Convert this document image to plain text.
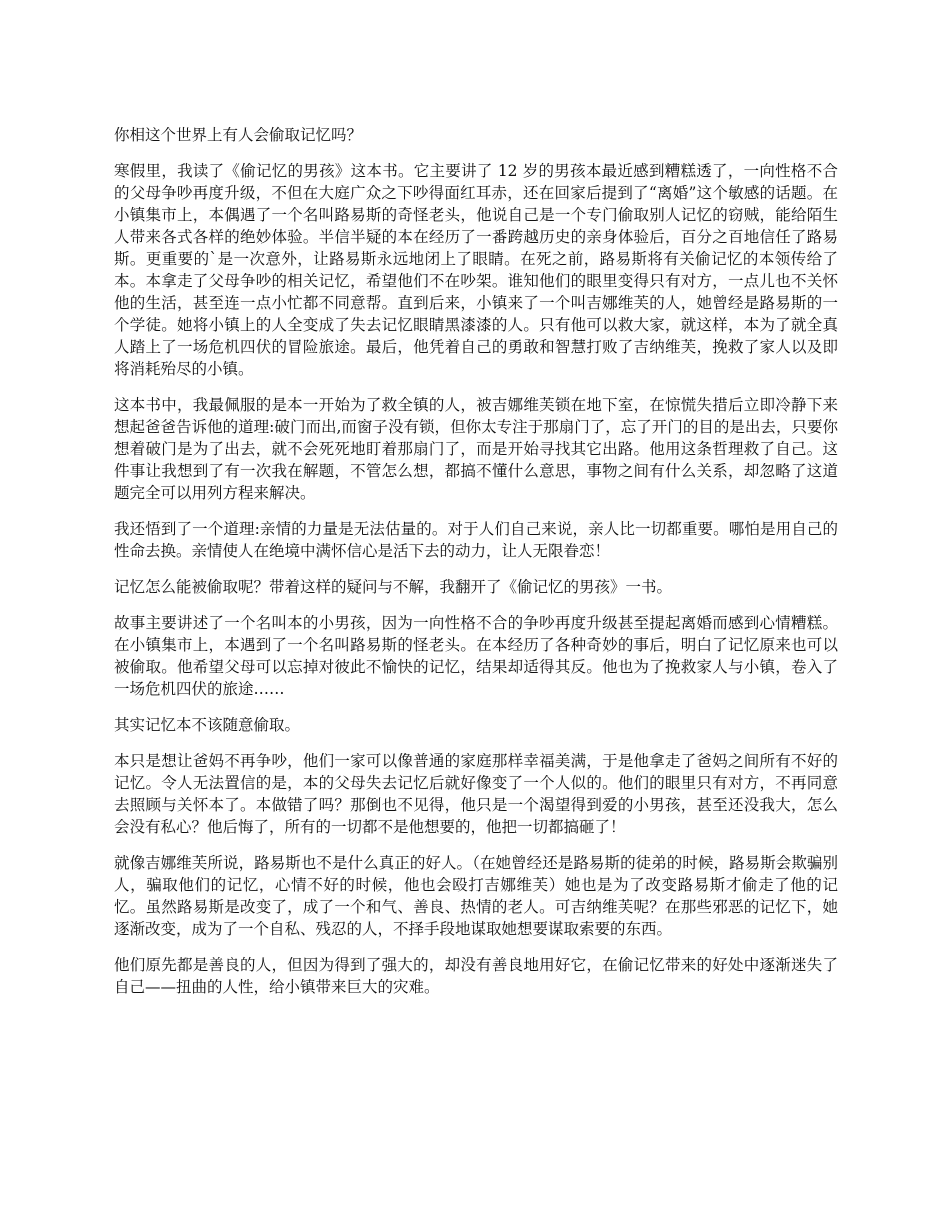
你相这个世界上有人会偷取记忆吗？

寒假里，我读了《偷记忆的男孩》这本书。它主要讲了 12 岁的男孩本最近感到糟糕透了，一向性格不合的父母争吵再度升级，不但在大庭广众之下吵得面红耳赤，还在回家后提到了“离婚”这个敏感的话题。在小镇集市上，本偶遇了一个名叫路易斯的奇怪老头，他说自己是一个专门偷取别人记忆的窃贼，能给陌生人带来各式各样的绝妙体验。半信半疑的本在经历了一番跨越历史的亲身体验后，百分之百地信任了路易斯。更重要的`是一次意外，让路易斯永远地闭上了眼睛。在死之前，路易斯将有关偷记忆的本领传给了本。本拿走了父母争吵的相关记忆，希望他们不在吵架。谁知他们的眼里变得只有对方，一点儿也不关怀他的生活，甚至连一点小忙都不同意帮。直到后来，小镇来了一个叫吉娜维芙的人，她曾经是路易斯的一个学徒。她将小镇上的人全变成了失去记忆眼睛黑漆漆的人。只有他可以救大家，就这样，本为了就全真人踏上了一场危机四伏的冒险旅途。最后，他凭着自己的勇敢和智慧打败了吉纳维芙，挽救了家人以及即将消耗殆尽的小镇。

这本书中，我最佩服的是本一开始为了救全镇的人，被吉娜维芙锁在地下室，在惊慌失措后立即冷静下来想起爸爸告诉他的道理:破门而出,而窗子没有锁，但你太专注于那扇门了，忘了开门的目的是出去，只要你想着破门是为了出去，就不会死死地盯着那扇门了，而是开始寻找其它出路。他用这条哲理救了自己。这件事让我想到了有一次我在解题，不管怎么想，都搞不懂什么意思，事物之间有什么关系，却忽略了这道题完全可以用列方程来解决。

我还悟到了一个道理:亲情的力量是无法估量的。对于人们自己来说，亲人比一切都重要。哪怕是用自己的性命去换。亲情使人在绝境中满怀信心是活下去的动力，让人无限眷恋！

记忆怎么能被偷取呢？带着这样的疑问与不解，我翻开了《偷记忆的男孩》一书。

故事主要讲述了一个名叫本的小男孩，因为一向性格不合的争吵再度升级甚至提起离婚而感到心情糟糕。在小镇集市上，本遇到了一个名叫路易斯的怪老头。在本经历了各种奇妙的事后，明白了记忆原来也可以被偷取。他希望父母可以忘掉对彼此不愉快的记忆，结果却适得其反。他也为了挽救家人与小镇，卷入了一场危机四伏的旅途……

其实记忆本不该随意偷取。

本只是想让爸妈不再争吵，他们一家可以像普通的家庭那样幸福美满，于是他拿走了爸妈之间所有不好的记忆。令人无法置信的是，本的父母失去记忆后就好像变了一个人似的。他们的眼里只有对方，不再同意去照顾与关怀本了。本做错了吗？那倒也不见得，他只是一个渴望得到爱的小男孩，甚至还没我大，怎么会没有私心？他后悔了，所有的一切都不是他想要的，他把一切都搞砸了！

就像吉娜维芙所说，路易斯也不是什么真正的好人。（在她曾经还是路易斯的徒弟的时候，路易斯会欺骗别人，骗取他们的记忆，心情不好的时候，他也会殴打吉娜维芙）她也是为了改变路易斯才偷走了他的记忆。虽然路易斯是改变了，成了一个和气、善良、热情的老人。可吉纳维芙呢？在那些邪恶的记忆下，她逐渐改变，成为了一个自私、残忍的人，不择手段地谋取她想要谋取索要的东西。

他们原先都是善良的人，但因为得到了强大的，却没有善良地用好它，在偷记忆带来的好处中逐渐迷失了自己——扭曲的人性，给小镇带来巨大的灾难。
